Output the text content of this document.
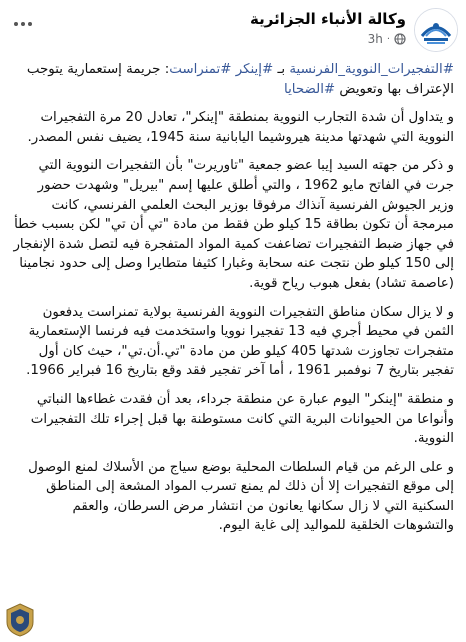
وكالة الأنباء الجزائرية
3h ·

#التفجيرات_النووية_الفرنسية بـ #إينكر #تمنراست: جريمة إستعمارية يتوجب الإعتراف بها وتعويض #الضحايا

و يتداول أن شدة التجارب النووية بمنطقة "إينكر"، تعادل 20 مرة التفجيرات النووية التي شهدتها مدينة هيروشيما اليابانية سنة 1945، يضيف نفس المصدر.

و ذكر من جهته السيد إيبا عضو جمعية "تاوريرت" بأن التفجيرات النووية التي جرت في الفاتح مايو 1962 ، والتي أطلق عليها إسم "بيريل" وشهدت حضور وزير الجيوش الفرنسية آنذاك مرفوقا بوزير البحث العلمي الفرنسي، كانت مبرمجة أن تكون بطاقة 15 كيلو طن فقط من مادة "تي أن تي" لكن بسبب خطأ في جهاز ضبط التفجيرات تضاعفت كمية المواد المتفجرة فيه لتصل شدة الإنفجار إلى 150 كيلو طن نتجت عنه سحابة وغبارا كثيفا متطايرا وصل إلى حدود نجامينا (عاصمة تشاد) بفعل هبوب رياح قوية.

و لا يزال سكان مناطق التفجيرات النووية الفرنسية بولاية تمنراست يدفعون الثمن في محيط أجري فيه 13 تفجيرا نوويا واستخدمت فيه فرنسا الإستعمارية متفجرات تجاوزت شدتها 405 كيلو طن من مادة "تي.أن.تي"، حيث كان أول تفجير بتاريخ 7 نوفمبر 1961 ، أما آخر تفجير فقد وقع بتاريخ 16 فبراير 1966.

و منطقة "إينكر" اليوم عبارة عن منطقة جرداء، بعد أن فقدت غطاءها النباتي وأنواعا من الحيوانات البرية التي كانت مستوطنة بها قبل إجراء تلك التفجيرات النووية.

و على الرغم من قيام السلطات المحلية بوضع سياج من الأسلاك لمنع الوصول إلى موقع التفجيرات إلا أن ذلك لم يمنع تسرب المواد المشعة إلى المناطق السكنية التي لا زال سكانها يعانون من انتشار مرض السرطان، والعقم والتشوهات الخلقية للمواليد إلى غاية اليوم.
